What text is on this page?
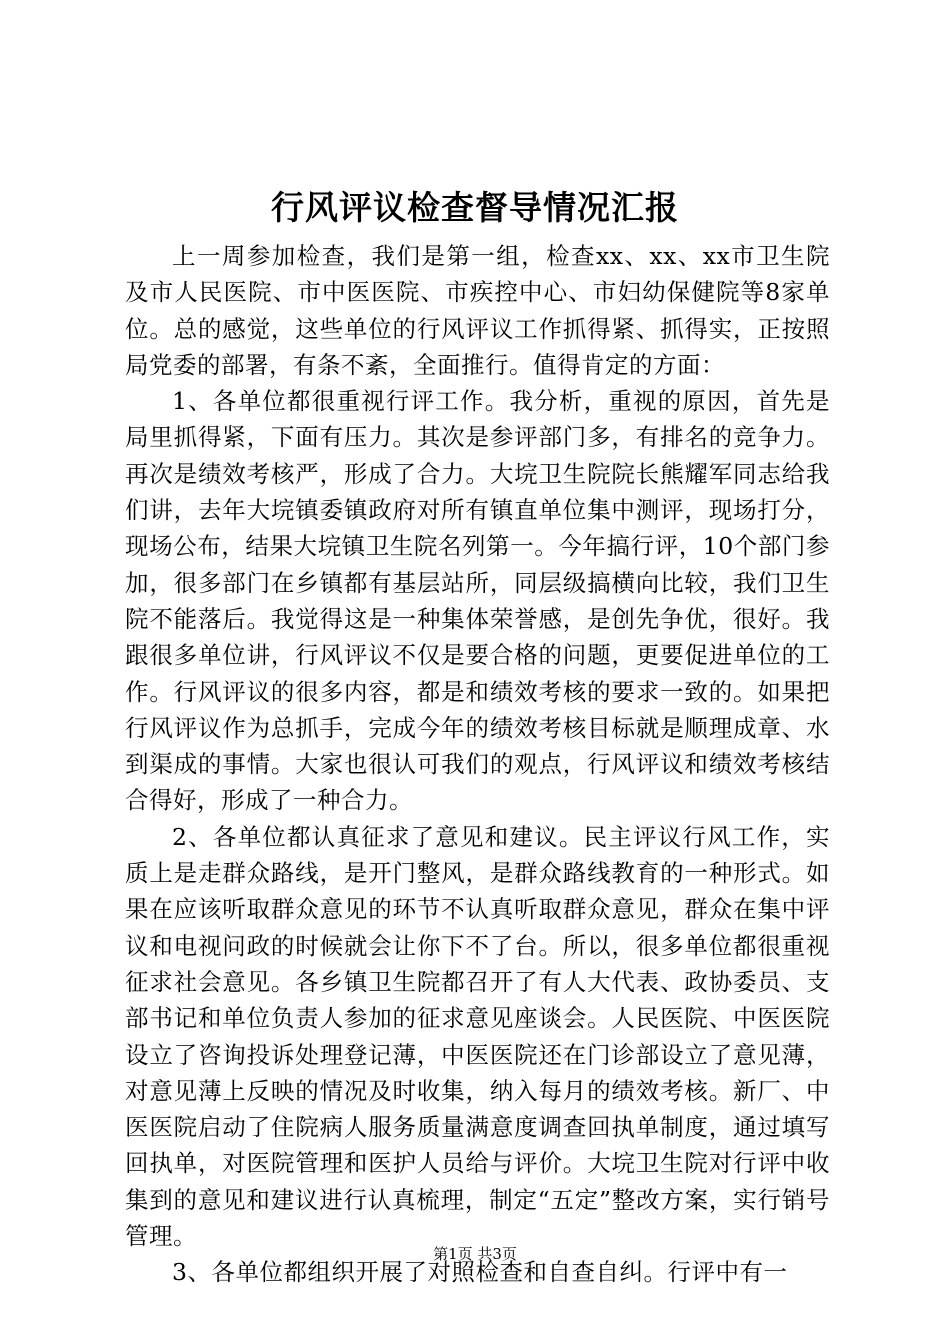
行风评议检查督导情况汇报

上一周参加检查，我们是第一组，检查xx、xx、xx市卫生院及市人民医院、市中医医院、市疾控中心、市妇幼保健院等8家单位。总的感觉，这些单位的行风评议工作抓得紧、抓得实，正按照局党委的部署，有条不紊，全面推行。值得肯定的方面：

1、各单位都很重视行评工作。我分析，重视的原因，首先是局里抓得紧，下面有压力。其次是参评部门多，有排名的竞争力。再次是绩效考核严，形成了合力。大垸卫生院院长熊耀军同志给我们讲，去年大垸镇委镇政府对所有镇直单位集中测评，现场打分，现场公布，结果大垸镇卫生院名列第一。今年搞行评，10个部门参加，很多部门在乡镇都有基层站所，同层级搞横向比较，我们卫生院不能落后。我觉得这是一种集体荣誉感，是创先争优，很好。我跟很多单位讲，行风评议不仅是要合格的问题，更要促进单位的工作。行风评议的很多内容，都是和绩效考核的要求一致的。如果把行风评议作为总抓手，完成今年的绩效考核目标就是顺理成章、水到渠成的事情。大家也很认可我们的观点，行风评议和绩效考核结合得好，形成了一种合力。

2、各单位都认真征求了意见和建议。民主评议行风工作，实质上是走群众路线，是开门整风，是群众路线教育的一种形式。如果在应该听取群众意见的环节不认真听取群众意见，群众在集中评议和电视问政的时候就会让你下不了台。所以，很多单位都很重视征求社会意见。各乡镇卫生院都召开了有人大代表、政协委员、支部书记和单位负责人参加的征求意见座谈会。人民医院、中医医院设立了咨询投诉处理登记薄，中医医院还在门诊部设立了意见薄，对意见薄上反映的情况及时收集，纳入每月的绩效考核。新厂、中医医院启动了住院病人服务质量满意度调查回执单制度，通过填写回执单，对医院管理和医护人员给与评价。大垸卫生院对行评中收集到的意见和建议进行认真梳理，制定“五定”整改方案，实行销号管理。

3、各单位都组织开展了对照检查和自查自纠。行评中有一

第1页 共3页
